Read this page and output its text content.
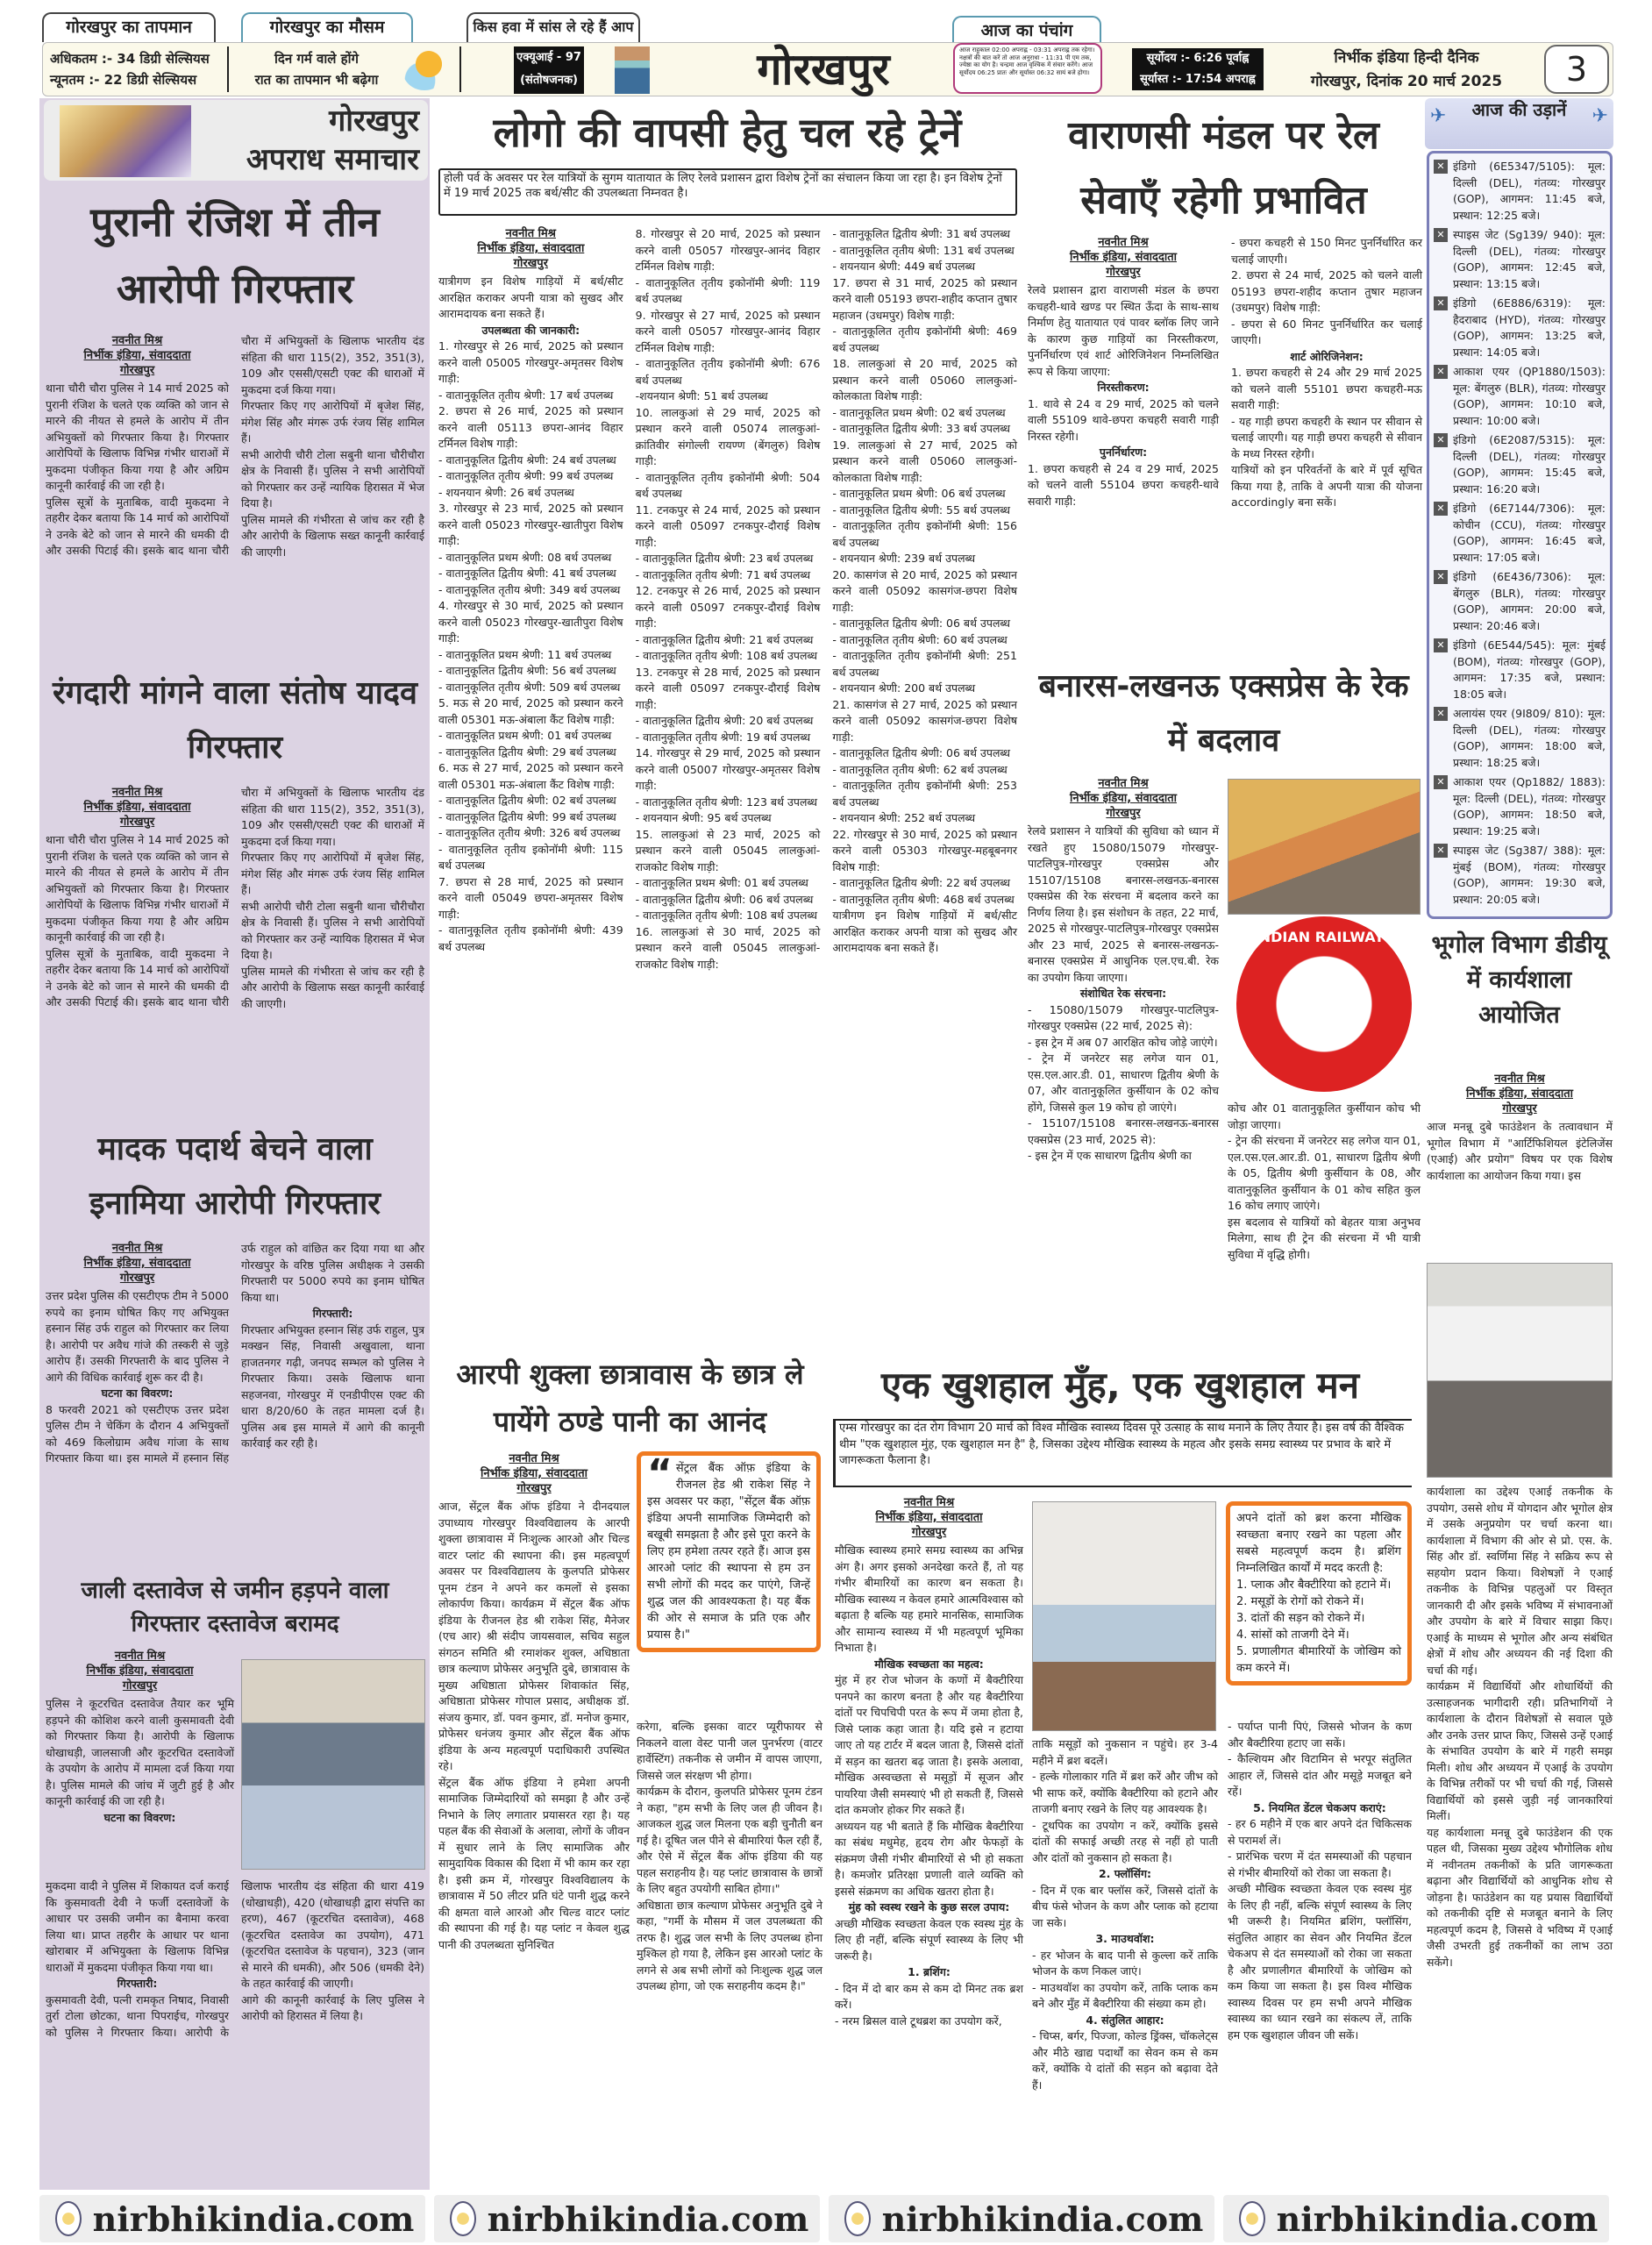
गोरखपुर का तापमान	गोरखपुर का मौसम	किस हवा में सांस ले रहे हैं आप	आज का पंचांग
अधिकतम :- 34 डिग्री सेल्सियस
न्यूनतम :- 22 डिग्री सेल्सियस
दिन गर्म वाले होंगे
रात का तापमान भी बढ़ेगा
एक्यूआई - 97
(संतोषजनक)	गोरखपुर	आज राहुकाल 02:00 अपराह्न - 03:31 अपराह्न तक रहेगा। नक्षत्रों की बात करें तो आज अनुराधा - 11:31 पी एम तक, ज्येष्ठा का योग है। चन्द्रमा आज वृश्चिक में संचार करेंगे। आज सूर्योदय 06:25 प्रातः और सूर्यास्त 06:32 सायं बजे होगा।
सूर्योदय :- 6:26 पूर्वाह्न
सूर्यास्त :- 17:54 अपराह्न
निर्भीक इंडिया हिन्दी दैनिक
गोरखपुर, दिनांक 20 मार्च 2025	3
गोरखपुर
अपराध समाचार
पुरानी रंजिश में तीन आरोपी गिरफ्तार
नवनीत मिश्र
निर्भीक इंडिया, संवाददाता
गोरखपुर

थाना चौरी चौरा पुलिस ने 14 मार्च 2025 को पुरानी रंजिश के चलते एक व्यक्ति को जान से मारने की नीयत से हमले के आरोप में तीन अभियुक्तों को गिरफ्तार किया है। गिरफ्तार आरोपियों के खिलाफ विभिन्न गंभीर धाराओं में मुकदमा पंजीकृत किया गया है और अग्रिम कानूनी कार्रवाई की जा रही है।

पुलिस सूत्रों के मुताबिक, वादी मुकदमा ने तहरीर देकर बताया कि 14 मार्च को आरोपियों ने उनके बेटे को जान से मारने की धमकी दी और उसकी पिटाई की। इसके बाद थाना चौरी चौरा में अभियुक्तों के खिलाफ भारतीय दंड संहिता की धारा 115(2), 352, 351(3), 109 और एससी/एसटी एक्ट की धाराओं में मुकदमा दर्ज किया गया।

गिरफ्तार किए गए आरोपियों में बृजेश सिंह, मंगेश सिंह और मंगरू उर्फ रंजय सिंह शामिल हैं।

सभी आरोपी चौरी टोला सबुनी थाना चौरीचौरा क्षेत्र के निवासी हैं। पुलिस ने सभी आरोपियों को गिरफ्तार कर उन्हें न्यायिक हिरासत में भेज दिया है।

पुलिस मामले की गंभीरता से जांच कर रही है और आरोपी के खिलाफ सख्त कानूनी कार्रवाई की जाएगी।

रंगदारी मांगने वाला संतोष यादव गिरफ्तार
नवनीत मिश्र
निर्भीक इंडिया, संवाददाता
गोरखपुर

थाना चौरी चौरा पुलिस ने 14 मार्च 2025 को पुरानी रंजिश के चलते एक व्यक्ति को जान से मारने की नीयत से हमले के आरोप में तीन अभियुक्तों को गिरफ्तार किया है। गिरफ्तार आरोपियों के खिलाफ विभिन्न गंभीर धाराओं में मुकदमा पंजीकृत किया गया है और अग्रिम कानूनी कार्रवाई की जा रही है।

पुलिस सूत्रों के मुताबिक, वादी मुकदमा ने तहरीर देकर बताया कि 14 मार्च को आरोपियों ने उनके बेटे को जान से मारने की धमकी दी और उसकी पिटाई की। इसके बाद थाना चौरी चौरा में अभियुक्तों के खिलाफ भारतीय दंड संहिता की धारा 115(2), 352, 351(3), 109 और एससी/एसटी एक्ट की धाराओं में मुकदमा दर्ज किया गया।

गिरफ्तार किए गए आरोपियों में बृजेश सिंह, मंगेश सिंह और मंगरू उर्फ रंजय सिंह शामिल हैं।

सभी आरोपी चौरी टोला सबुनी थाना चौरीचौरा क्षेत्र के निवासी हैं। पुलिस ने सभी आरोपियों को गिरफ्तार कर उन्हें न्यायिक हिरासत में भेज दिया है।

पुलिस मामले की गंभीरता से जांच कर रही है और आरोपी के खिलाफ सख्त कानूनी कार्रवाई की जाएगी।

मादक पदार्थ बेचने वाला इनामिया आरोपी गिरफ्तार
नवनीत मिश्र
निर्भीक इंडिया, संवाददाता
गोरखपुर

उत्तर प्रदेश पुलिस की एसटीएफ टीम ने 5000 रुपये का इनाम घोषित किए गए अभियुक्त हस्नान सिंह उर्फ राहुल को गिरफ्तार कर लिया है। आरोपी पर अवैध गांजे की तस्करी से जुड़े आरोप हैं। उसकी गिरफ्तारी के बाद पुलिस ने आगे की विधिक कार्रवाई शुरू कर दी है।

घटना का विवरण:

8 फरवरी 2021 को एसटीएफ उत्तर प्रदेश पुलिस टीम ने चेकिंग के दौरान 4 अभियुक्तों को 469 किलोग्राम अवैध गांजा के साथ गिरफ्तार किया था। इस मामले में हस्नान सिंह उर्फ राहुल को वांछित कर दिया गया था और गोरखपुर के वरिष्ठ पुलिस अधीक्षक ने उसकी गिरफ्तारी पर 5000 रुपये का इनाम घोषित किया था।

गिरफ्तारी:

गिरफ्तार अभियुक्त हस्नान सिंह उर्फ राहुल, पुत्र मक्खन सिंह, निवासी अखुवाला, थाना हाजतनगर गढ़ी, जनपद सम्भल को पुलिस ने गिरफ्तार किया। उसके खिलाफ थाना सहजनवा, गोरखपुर में एनडीपीएस एक्ट की धारा 8/20/60 के तहत मामला दर्ज है। पुलिस अब इस मामले में आगे की कानूनी कार्रवाई कर रही है।

जाली दस्तावेज से जमीन हड़पने वाला गिरफ्तार दस्तावेज बरामद
नवनीत मिश्र
निर्भीक इंडिया, संवाददाता
गोरखपुर

पुलिस ने कूटरचित दस्तावेज तैयार कर भूमि हड़पने की कोशिश करने वाली कुसमावती देवी को गिरफ्तार किया है। आरोपी के खिलाफ धोखाधड़ी, जालसाजी और कूटरचित दस्तावेजों के उपयोग के आरोप में मामला दर्ज किया गया है। पुलिस मामले की जांच में जुटी हुई है और कानूनी कार्रवाई की जा रही है।

घटना का विवरण:

मुकदमा वादी ने पुलिस में शिकायत दर्ज कराई कि कुसमावती देवी ने फर्जी दस्तावेजों के आधार पर उसकी जमीन का बैनामा करवा लिया था। प्राप्त तहरीर के आधार पर थाना खोराबार में अभियुक्ता के खिलाफ विभिन्न धाराओं में मुकदमा पंजीकृत किया गया था।

गिरफ्तारी:

कुसमावती देवी, पत्नी रामकृत निषाद, निवासी तुर्रा टोला छोटका, थाना पिपराईच, गोरखपुर को पुलिस ने गिरफ्तार किया। आरोपी के खिलाफ भारतीय दंड संहिता की धारा 419 (धोखाधड़ी), 420 (धोखाधड़ी द्वारा संपत्ति का हरण), 467 (कूटरचित दस्तावेज), 468 (कूटरचित दस्तावेज का उपयोग), 471 (कूटरचित दस्तावेज के पहचान), 323 (जान से मारने की धमकी), और 506 (धमकी देने) के तहत कार्रवाई की जाएगी।

आगे की कानूनी कार्रवाई के लिए पुलिस ने आरोपी को हिरासत में लिया है।

लोगो की वापसी हेतु चल रहे ट्रेनें
होली पर्व के अवसर पर रेल यात्रियों के सुगम यातायात के लिए रेलवे प्रशासन द्वारा विशेष ट्रेनों का संचालन किया जा रहा है। इन विशेष ट्रेनों में 19 मार्च 2025 तक बर्थ/सीट की उपलब्धता निम्नवत है।
नवनीत मिश्र
निर्भीक इंडिया, संवाददाता
गोरखपुर

यात्रीगण इन विशेष गाड़ियों में बर्थ/सीट आरक्षित कराकर अपनी यात्रा को सुखद और आरामदायक बना सकते हैं।

उपलब्धता की जानकारी:

1. गोरखपुर से 26 मार्च, 2025 को प्रस्थान करने वाली 05005 गोरखपुर-अमृतसर विशेष गाड़ी:

- वातानुकूलित तृतीय श्रेणी: 17 बर्थ उपलब्ध

2. छपरा से 26 मार्च, 2025 को प्रस्थान करने वाली 05113 छपरा-आनंद विहार टर्मिनल विशेष गाड़ी:

- वातानुकूलित द्वितीय श्रेणी: 24 बर्थ उपलब्ध

- वातानुकूलित तृतीय श्रेणी: 99 बर्थ उपलब्ध

- शयनयान श्रेणी: 26 बर्थ उपलब्ध

3. गोरखपुर से 23 मार्च, 2025 को प्रस्थान करने वाली 05023 गोरखपुर-खातीपुरा विशेष गाड़ी:

- वातानुकूलित प्रथम श्रेणी: 08 बर्थ उपलब्ध

- वातानुकूलित द्वितीय श्रेणी: 41 बर्थ उपलब्ध

- वातानुकूलित तृतीय श्रेणी: 349 बर्थ उपलब्ध

4. गोरखपुर से 30 मार्च, 2025 को प्रस्थान करने वाली 05023 गोरखपुर-खातीपुरा विशेष गाड़ी:

- वातानुकूलित प्रथम श्रेणी: 11 बर्थ उपलब्ध

- वातानुकूलित द्वितीय श्रेणी: 56 बर्थ उपलब्ध

- वातानुकूलित तृतीय श्रेणी: 509 बर्थ उपलब्ध

5. मऊ से 20 मार्च, 2025 को प्रस्थान करने वाली 05301 मऊ-अंबाला कैंट विशेष गाड़ी:

- वातानुकूलित प्रथम श्रेणी: 01 बर्थ उपलब्ध

- वातानुकूलित द्वितीय श्रेणी: 29 बर्थ उपलब्ध

6. मऊ से 27 मार्च, 2025 को प्रस्थान करने वाली 05301 मऊ-अंबाला कैंट विशेष गाड़ी:

- वातानुकूलित द्वितीय श्रेणी: 02 बर्थ उपलब्ध

- वातानुकूलित द्वितीय श्रेणी: 99 बर्थ उपलब्ध

- वातानुकूलित तृतीय श्रेणी: 326 बर्थ उपलब्ध

- वातानुकूलित तृतीय इकोनॉमी श्रेणी: 115 बर्थ उपलब्ध

7. छपरा से 28 मार्च, 2025 को प्रस्थान करने वाली 05049 छपरा-अमृतसर विशेष गाड़ी:

- वातानुकूलित तृतीय इकोनॉमी श्रेणी: 439 बर्थ उपलब्ध

8. गोरखपुर से 20 मार्च, 2025 को प्रस्थान करने वाली 05057 गोरखपुर-आनंद विहार टर्मिनल विशेष गाड़ी:

- वातानुकूलित तृतीय इकोनॉमी श्रेणी: 119 बर्थ उपलब्ध

9. गोरखपुर से 27 मार्च, 2025 को प्रस्थान करने वाली 05057 गोरखपुर-आनंद विहार टर्मिनल विशेष गाड़ी:

- वातानुकूलित तृतीय इकोनॉमी श्रेणी: 676 बर्थ उपलब्ध

-शयनयान श्रेणी: 51 बर्थ उपलब्ध

10. लालकुआं से 29 मार्च, 2025 को प्रस्थान करने वाली 05074 लालकुआं-क्रांतिवीर संगोल्ली रायण्ण (बेंगलुरु) विशेष गाड़ी:

- वातानुकूलित तृतीय इकोनॉमी श्रेणी: 504 बर्थ उपलब्ध

11. टनकपुर से 24 मार्च, 2025 को प्रस्थान करने वाली 05097 टनकपुर-दौराई विशेष गाड़ी:

- वातानुकूलित द्वितीय श्रेणी: 23 बर्थ उपलब्ध

- वातानुकूलित तृतीय श्रेणी: 71 बर्थ उपलब्ध

12. टनकपुर से 26 मार्च, 2025 को प्रस्थान करने वाली 05097 टनकपुर-दौराई विशेष गाड़ी:

- वातानुकूलित द्वितीय श्रेणी: 21 बर्थ उपलब्ध

- वातानुकूलित तृतीय श्रेणी: 108 बर्थ उपलब्ध

13. टनकपुर से 28 मार्च, 2025 को प्रस्थान करने वाली 05097 टनकपुर-दौराई विशेष गाड़ी:

- वातानुकूलित द्वितीय श्रेणी: 20 बर्थ उपलब्ध

- वातानुकूलित तृतीय श्रेणी: 19 बर्थ उपलब्ध

14. गोरखपुर से 29 मार्च, 2025 को प्रस्थान करने वाली 05007 गोरखपुर-अमृतसर विशेष गाड़ी:

- वातानुकूलित तृतीय श्रेणी: 123 बर्थ उपलब्ध

- शयनयान श्रेणी: 95 बर्थ उपलब्ध

15. लालकुआं से 23 मार्च, 2025 को प्रस्थान करने वाली 05045 लालकुआं-राजकोट विशेष गाड़ी:

- वातानुकूलित प्रथम श्रेणी: 01 बर्थ उपलब्ध

- वातानुकूलित द्वितीय श्रेणी: 06 बर्थ उपलब्ध

- वातानुकूलित तृतीय श्रेणी: 108 बर्थ उपलब्ध

16. लालकुआं से 30 मार्च, 2025 को प्रस्थान करने वाली 05045 लालकुआं-राजकोट विशेष गाड़ी:

- वातानुकूलित द्वितीय श्रेणी: 31 बर्थ उपलब्ध

- वातानुकूलित तृतीय श्रेणी: 131 बर्थ उपलब्ध

- शयनयान श्रेणी: 449 बर्थ उपलब्ध

17. छपरा से 31 मार्च, 2025 को प्रस्थान करने वाली 05193 छपरा-शहीद कप्तान तुषार महाजन (उधमपुर) विशेष गाड़ी:

- वातानुकूलित तृतीय इकोनॉमी श्रेणी: 469 बर्थ उपलब्ध

18. लालकुआं से 20 मार्च, 2025 को प्रस्थान करने वाली 05060 लालकुआं-कोलकाता विशेष गाड़ी:

- वातानुकूलित प्रथम श्रेणी: 02 बर्थ उपलब्ध

- वातानुकूलित द्वितीय श्रेणी: 33 बर्थ उपलब्ध

19. लालकुआं से 27 मार्च, 2025 को प्रस्थान करने वाली 05060 लालकुआं-कोलकाता विशेष गाड़ी:

- वातानुकूलित प्रथम श्रेणी: 06 बर्थ उपलब्ध

- वातानुकूलित द्वितीय श्रेणी: 55 बर्थ उपलब्ध

- वातानुकूलित तृतीय इकोनॉमी श्रेणी: 156 बर्थ उपलब्ध

- शयनयान श्रेणी: 239 बर्थ उपलब्ध

20. कासगंज से 20 मार्च, 2025 को प्रस्थान करने वाली 05092 कासगंज-छपरा विशेष गाड़ी:

- वातानुकूलित द्वितीय श्रेणी: 06 बर्थ उपलब्ध

- वातानुकूलित तृतीय श्रेणी: 60 बर्थ उपलब्ध

- वातानुकूलित तृतीय इकोनॉमी श्रेणी: 251 बर्थ उपलब्ध

- शयनयान श्रेणी: 200 बर्थ उपलब्ध

21. कासगंज से 27 मार्च, 2025 को प्रस्थान करने वाली 05092 कासगंज-छपरा विशेष गाड़ी:

- वातानुकूलित द्वितीय श्रेणी: 06 बर्थ उपलब्ध

- वातानुकूलित तृतीय श्रेणी: 62 बर्थ उपलब्ध

- वातानुकूलित तृतीय इकोनॉमी श्रेणी: 253 बर्थ उपलब्ध

- शयनयान श्रेणी: 252 बर्थ उपलब्ध

22. गोरखपुर से 30 मार्च, 2025 को प्रस्थान करने वाली 05303 गोरखपुर-महबूबनगर विशेष गाड़ी:

- वातानुकूलित द्वितीय श्रेणी: 22 बर्थ उपलब्ध

- वातानुकूलित तृतीय श्रेणी: 468 बर्थ उपलब्ध

यात्रीगण इन विशेष गाड़ियों में बर्थ/सीट आरक्षित कराकर अपनी यात्रा को सुखद और आरामदायक बना सकते हैं।

वाराणसी मंडल पर रेल सेवाएँ रहेगी प्रभावित
नवनीत मिश्र
निर्भीक इंडिया, संवाददाता
गोरखपुर

रेलवे प्रशासन द्वारा वाराणसी मंडल के छपरा कचहरी-थावे खण्ड पर स्थित ऊँदा के साथ-साथ निर्माण हेतु यातायात एवं पावर ब्लॉक लिए जाने के कारण कुछ गाड़ियों का निरस्तीकरण, पुनर्निर्धारण एवं शार्ट ओरिजिनेशन निम्नलिखित रूप से किया जाएगा:

निरस्तीकरण:

1. थावे से 24 व 29 मार्च, 2025 को चलने वाली 55109 थावे-छपरा कचहरी सवारी गाड़ी निरस्त रहेगी।

पुनर्निर्धारण:

1. छपरा कचहरी से 24 व 29 मार्च, 2025 को चलने वाली 55104 छपरा कचहरी-थावे सवारी गाड़ी:

- छपरा कचहरी से 150 मिनट पुनर्निर्धारित कर चलाई जाएगी।

2. छपरा से 24 मार्च, 2025 को चलने वाली 05193 छपरा-शहीद कप्तान तुषार महाजन (उधमपुर) विशेष गाड़ी:

- छपरा से 60 मिनट पुनर्निर्धारित कर चलाई जाएगी।

शार्ट ओरिजिनेशन:

1. छपरा कचहरी से 24 और 29 मार्च 2025 को चलने वाली 55101 छपरा कचहरी-मऊ सवारी गाड़ी:

- यह गाड़ी छपरा कचहरी के स्थान पर सीवान से चलाई जाएगी। यह गाड़ी छपरा कचहरी से सीवान के मध्य निरस्त रहेगी।

यात्रियों को इन परिवर्तनों के बारे में पूर्व सूचित किया गया है, ताकि वे अपनी यात्रा की योजना accordingly बना सकें।

बनारस-लखनऊ एक्सप्रेस के रेक में बदलाव
नवनीत मिश्र
निर्भीक इंडिया, संवाददाता
गोरखपुर

रेलवे प्रशासन ने यात्रियों की सुविधा को ध्यान में रखते हुए 15080/15079 गोरखपुर-पाटलिपुत्र-गोरखपुर एक्सप्रेस और 15107/15108 बनारस-लखनऊ-बनारस एक्सप्रेस की रेक संरचना में बदलाव करने का निर्णय लिया है। इस संशोधन के तहत, 22 मार्च, 2025 से गोरखपुर-पाटलिपुत्र-गोरखपुर एक्सप्रेस और 23 मार्च, 2025 से बनारस-लखनऊ-बनारस एक्सप्रेस में आधुनिक एल.एच.बी. रेक का उपयोग किया जाएगा।

संशोधित रेक संरचना:

- 15080/15079 गोरखपुर-पाटलिपुत्र-गोरखपुर एक्सप्रेस (22 मार्च, 2025 से):

- इस ट्रेन में अब 07 आरक्षित कोच जोड़े जाएंगे।

- ट्रेन में जनरेटर सह लगेज यान 01, एस.एल.आर.डी. 01, साधारण द्वितीय श्रेणी के 07, और वातानुकूलित कुर्सीयान के 02 कोच होंगे, जिससे कुल 19 कोच हो जाएंगे।

- 15107/15108 बनारस-लखनऊ-बनारस एक्सप्रेस (23 मार्च, 2025 से):

- इस ट्रेन में एक साधारण द्वितीय श्रेणी का

INDIAN RAILWAYS

कोच और 01 वातानुकूलित कुर्सीयान कोच भी जोड़ा जाएगा।

- ट्रेन की संरचना में जनरेटर सह लगेज यान 01, एल.एस.एल.आर.डी. 01, साधारण द्वितीय श्रेणी के 05, द्वितीय श्रेणी कुर्सीयान के 08, और वातानुकूलित कुर्सीयान के 01 कोच सहित कुल 16 कोच लगाए जाएंगे।

इस बदलाव से यात्रियों को बेहतर यात्रा अनुभव मिलेगा, साथ ही ट्रेन की संरचना में भी यात्री सुविधा में वृद्धि होगी।

आरपी शुक्ला छात्रावास के छात्र ले पायेंगे ठण्डे पानी का आनंद
नवनीत मिश्र
निर्भीक इंडिया, संवाददाता
गोरखपुर

आज, सेंट्रल बैंक ऑफ इंडिया ने दीनदयाल उपाध्याय गोरखपुर विश्वविद्यालय के आरपी शुक्ला छात्रावास में निःशुल्क आरओ और चिल्ड वाटर प्लांट की स्थापना की। इस महत्वपूर्ण अवसर पर विश्वविद्यालय के कुलपति प्रोफेसर पूनम टंडन ने अपने कर कमलों से इसका लोकार्पण किया। कार्यक्रम में सेंट्रल बैंक ऑफ इंडिया के रीजनल हेड श्री राकेश सिंह, मैनेजर (एच आर) श्री संदीप जायसवाल, सचिव सहुल संगठन समिति श्री रमाशंकर शुक्ल, अधिष्ठाता छात्र कल्याण प्रोफेसर अनुभूति दुबे, छात्रावास के मुख्य अधिष्ठाता प्रोफेसर शिवाकांत सिंह, अधिष्ठाता प्रोफेसर गोपाल प्रसाद, अधीक्षक डॉ. संजय कुमार, डॉ. पवन कुमार, डॉ. मनोज कुमार, प्रोफेसर धनंजय कुमार और सेंट्रल बैंक ऑफ इंडिया के अन्य महत्वपूर्ण पदाधिकारी उपस्थित रहे।

सेंट्रल बैंक ऑफ इंडिया ने हमेशा अपनी सामाजिक जिम्मेदारियों को समझा है और उन्हें निभाने के लिए लगातार प्रयासरत रहा है। यह पहल बैंक की सेवाओं के अलावा, लोगों के जीवन में सुधार लाने के लिए सामाजिक और सामुदायिक विकास की दिशा में भी काम कर रहा है। इसी क्रम में, गोरखपुर विश्वविद्यालय के छात्रावास में 50 लीटर प्रति घंटे पानी शुद्ध करने की क्षमता वाले आरओ और चिल्ड वाटर प्लांट की स्थापना की गई है। यह प्लांट न केवल शुद्ध पानी की उपलब्धता सुनिश्चित

“ सेंट्रल बैंक ऑफ़ इंडिया के रीजनल हेड श्री राकेश सिंह ने इस अवसर पर कहा, "सेंट्रल बैंक ऑफ़ इंडिया अपनी सामाजिक जिम्मेदारी को बखूबी समझता है और इसे पूरा करने के लिए हम हमेशा तत्पर रहते हैं। आज इस आरओ प्लांट की स्थापना से हम उन सभी लोगों की मदद कर पाएंगे, जिन्हें शुद्ध जल की आवश्यकता है। यह बैंक की ओर से समाज के प्रति एक और प्रयास है।"

करेगा, बल्कि इसका वाटर प्यूरीफायर से निकलने वाला वेस्ट पानी जल पुनर्भरण (वाटर हार्वेस्टिंग) तकनीक से जमीन में वापस जाएगा, जिससे जल संरक्षण भी होगा।

कार्यक्रम के दौरान, कुलपति प्रोफेसर पूनम टंडन ने कहा, "हम सभी के लिए जल ही जीवन है। आजकल शुद्ध जल मिलना एक बड़ी चुनौती बन गई है। दूषित जल पीने से बीमारियां फैल रही हैं, और ऐसे में सेंट्रल बैंक ऑफ इंडिया की यह पहल सराहनीय है। यह प्लांट छात्रावास के छात्रों के लिए बहुत उपयोगी साबित होगा।"

अधिष्ठाता छात्र कल्याण प्रोफेसर अनुभूति दुबे ने कहा, "गर्मी के मौसम में जल उपलब्धता की तरफ है। शुद्ध जल सभी के लिए उपलब्ध होना मुश्किल हो गया है, लेकिन इस आरओ प्लांट के लगने से अब सभी लोगों को निःशुल्क शुद्ध जल उपलब्ध होगा, जो एक सराहनीय कदम है।"

एक खुशहाल मुँह, एक खुशहाल मन
एम्स गोरखपुर का दंत रोग विभाग 20 मार्च को विश्व मौखिक स्वास्थ्य दिवस पूरे उत्साह के साथ मनाने के लिए तैयार है। इस वर्ष की वैश्विक थीम "एक खुशहाल मुंह, एक खुशहाल मन है" है, जिसका उद्देश्य मौखिक स्वास्थ्य के महत्व और इसके समग्र स्वास्थ्य पर प्रभाव के बारे में जागरूकता फैलाना है।
नवनीत मिश्र
निर्भीक इंडिया, संवाददाता
गोरखपुर

मौखिक स्वास्थ्य हमारे समग्र स्वास्थ्य का अभिन्न अंग है। अगर इसको अनदेखा करते हैं, तो यह गंभीर बीमारियों का कारण बन सकता है। मौखिक स्वास्थ्य न केवल हमारे आत्मविश्वास को बढ़ाता है बल्कि यह हमारे मानसिक, सामाजिक और सामान्य स्वास्थ्य में भी महत्वपूर्ण भूमिका निभाता है।

मौखिक स्वच्छता का महत्व:

मुंह में हर रोज भोजन के कणों में बैक्टीरिया पनपने का कारण बनता है और यह बैक्टीरिया दांतों पर चिपचिपी परत के रूप में जमा होता है, जिसे प्लाक कहा जाता है। यदि इसे न हटाया जाए तो यह टार्टर में बदल जाता है, जिससे दांतों में सड़न का खतरा बढ़ जाता है। इसके अलावा, मौखिक अस्वच्छता से मसूड़ों में सूजन और पायरिया जैसी समस्याएं भी हो सकती हैं, जिससे दांत कमजोर होकर गिर सकते हैं।

अध्ययन यह भी बताते हैं कि मौखिक बैक्टीरिया का संबंध मधुमेह, हृदय रोग और फेफड़ों के संक्रमण जैसी गंभीर बीमारियों से भी हो सकता है। कमजोर प्रतिरक्षा प्रणाली वाले व्यक्ति को इससे संक्रमण का अधिक खतरा होता है।

मुंह को स्वस्थ रखने के कुछ सरल उपाय:

अच्छी मौखिक स्वच्छता केवल एक स्वस्थ मुंह के लिए ही नहीं, बल्कि संपूर्ण स्वास्थ्य के लिए भी जरूरी है।

1. ब्रशिंग:

- दिन में दो बार कम से कम दो मिनट तक ब्रश करें।

- नरम ब्रिसल वाले टूथब्रश का उपयोग करें,

ताकि मसूड़ों को नुकसान न पहुंचे। हर 3-4 महीने में ब्रश बदलें।

- हल्के गोलाकार गति में ब्रश करें और जीभ को भी साफ करें, क्योंकि बैक्टीरिया को हटाने और ताजगी बनाए रखने के लिए यह आवश्यक है।

- टूथपिक का उपयोग न करें, क्योंकि इससे दांतों की सफाई अच्छी तरह से नहीं हो पाती और दांतों को नुकसान हो सकता है।

2. फ्लॉसिंग:

- दिन में एक बार फ्लॉस करें, जिससे दांतों के बीच फंसे भोजन के कण और प्लाक को हटाया जा सके।

3. माउथवॉश:

- हर भोजन के बाद पानी से कुल्ला करें ताकि भोजन के कण निकल जाएं।

- माउथवॉश का उपयोग करें, ताकि प्लाक कम बने और मुँह में बैक्टीरिया की संख्या कम हो।

4. संतुलित आहार:

- चिप्स, बर्गर, पिज्जा, कोल्ड ड्रिंक्स, चॉकलेट्स और मीठे खाद्य पदार्थों का सेवन कम से कम करें, क्योंकि ये दांतों की सड़न को बढ़ावा देते हैं।

अपने दांतों को ब्रश करना मौखिक स्वच्छता बनाए रखने का पहला और सबसे महत्वपूर्ण कदम है। ब्रशिंग निम्नलिखित कार्यों में मदद करती है:

1. प्लाक और बैक्टीरिया को हटाने में।

2. मसूड़ों के रोगों को रोकने में।

3. दांतों की सड़न को रोकने में।

4. सांसों को ताजगी देने में।

5. प्रणालीगत बीमारियों के जोखिम को कम करने में।

- पर्याप्त पानी पिएं, जिससे भोजन के कण और बैक्टीरिया हटाए जा सकें।

- कैल्शियम और विटामिन से भरपूर संतुलित आहार लें, जिससे दांत और मसूड़े मजबूत बने रहें।

5. नियमित डेंटल चेकअप कराएं:

- हर 6 महीने में एक बार अपने दंत चिकित्सक से परामर्श लें।

- प्रारंभिक चरण में दंत समस्याओं की पहचान से गंभीर बीमारियों को रोका जा सकता है।

अच्छी मौखिक स्वच्छता केवल एक स्वस्थ मुंह के लिए ही नहीं, बल्कि संपूर्ण स्वास्थ्य के लिए भी जरूरी है। नियमित ब्रशिंग, फ्लॉसिंग, संतुलित आहार का सेवन और नियमित डेंटल चेकअप से दंत समस्याओं को रोका जा सकता है और प्रणालीगत बीमारियों के जोखिम को कम किया जा सकता है। इस विश्व मौखिक स्वास्थ्य दिवस पर हम सभी अपने मौखिक स्वास्थ्य का ध्यान रखने का संकल्प लें, ताकि हम एक खुशहाल जीवन जी सकें।

✈	✈
आज की उड़ानें
✕ इंडिगो (6E5347/5105): मूल: दिल्ली (DEL), गंतव्य: गोरखपुर (GOP), आगमन: 11:45 बजे, प्रस्थान: 12:25 बजे।
✕ स्पाइस जेट (Sg139/ 940): मूल: दिल्ली (DEL), गंतव्य: गोरखपुर (GOP), आगमन: 12:45 बजे, प्रस्थान: 13:15 बजे।
✕ इंडिगो (6E886/6319): मूल: हैदराबाद (HYD), गंतव्य: गोरखपुर (GOP), आगमन: 13:25 बजे, प्रस्थान: 14:05 बजे।
✕ आकाश एयर (QP1880/1503): मूल: बेंगलुरु (BLR), गंतव्य: गोरखपुर (GOP), आगमन: 10:10 बजे, प्रस्थान: 10:00 बजे।
✕ इंडिगो (6E2087/5315): मूल: दिल्ली (DEL), गंतव्य: गोरखपुर (GOP), आगमन: 15:45 बजे, प्रस्थान: 16:20 बजे।
✕ इंडिगो (6E7144/7306): मूल: कोचीन (CCU), गंतव्य: गोरखपुर (GOP), आगमन: 16:45 बजे, प्रस्थान: 17:05 बजे।
✕ इंडिगो (6E436/7306): मूल: बेंगलुरु (BLR), गंतव्य: गोरखपुर (GOP), आगमन: 20:00 बजे, प्रस्थान: 20:46 बजे।
✕ इंडिगो (6E544/545): मूल: मुंबई (BOM), गंतव्य: गोरखपुर (GOP), आगमन: 17:35 बजे, प्रस्थान: 18:05 बजे।
✕ अलायंस एयर (9I809/ 810): मूल: दिल्ली (DEL), गंतव्य: गोरखपुर (GOP), आगमन: 18:00 बजे, प्रस्थान: 18:25 बजे।
✕ आकाश एयर (Qp1882/ 1883): मूल: दिल्ली (DEL), गंतव्य: गोरखपुर (GOP), आगमन: 18:50 बजे, प्रस्थान: 19:25 बजे।
✕ स्पाइस जेट (Sg387/ 388): मूल: मुंबई (BOM), गंतव्य: गोरखपुर (GOP), आगमन: 19:30 बजे, प्रस्थान: 20:05 बजे।
भूगोल विभाग डीडीयू में कार्यशाला आयोजित
नवनीत मिश्र
निर्भीक इंडिया, संवाददाता
गोरखपुर

आज मनन्नू दुबे फाउंडेशन के तत्वावधान में भूगोल विभाग में "आर्टिफिशियल इंटेलिजेंस (एआई) और प्रयोग" विषय पर एक विशेष कार्यशाला का आयोजन किया गया। इस

कार्यशाला का उद्देश्य एआई तकनीक के उपयोग, उससे शोध में योगदान और भूगोल क्षेत्र में उसके अनुप्रयोग पर चर्चा करना था। कार्यशाला में विभाग की ओर से प्रो. एस. के. सिंह और डॉ. स्वर्णिमा सिंह ने सक्रिय रूप से सहयोग प्रदान किया। विशेषज्ञों ने एआई तकनीक के विभिन्न पहलुओं पर विस्तृत जानकारी दी और इसके भविष्य में संभावनाओं और उपयोग के बारे में विचार साझा किए। एआई के माध्यम से भूगोल और अन्य संबंधित क्षेत्रों में शोध और अध्ययन की नई दिशा की चर्चा की गई।

कार्यक्रम में विद्यार्थियों और शोधार्थियों की उत्साहजनक भागीदारी रही। प्रतिभागियों ने कार्यशाला के दौरान विशेषज्ञों से सवाल पूछे और उनके उत्तर प्राप्त किए, जिससे उन्हें एआई के संभावित उपयोग के बारे में गहरी समझ मिली। शोध और अध्ययन में एआई के उपयोग के विभिन्न तरीकों पर भी चर्चा की गई, जिससे विद्यार्थियों को इससे जुड़ी नई जानकारियां मिलीं।

यह कार्यशाला मनन्नू दुबे फाउंडेशन की एक पहल थी, जिसका मुख्य उद्देश्य भौगोलिक शोध में नवीनतम तकनीकों के प्रति जागरूकता बढ़ाना और विद्यार्थियों को आधुनिक शोध से जोड़ना है। फाउंडेशन का यह प्रयास विद्यार्थियों को तकनीकी दृष्टि से मजबूत बनाने के लिए महत्वपूर्ण कदम है, जिससे वे भविष्य में एआई जैसी उभरती हुई तकनीकों का लाभ उठा सकेंगे।

nirbhikindia.com	nirbhikindia.com	nirbhikindia.com	nirbhikindia.com
